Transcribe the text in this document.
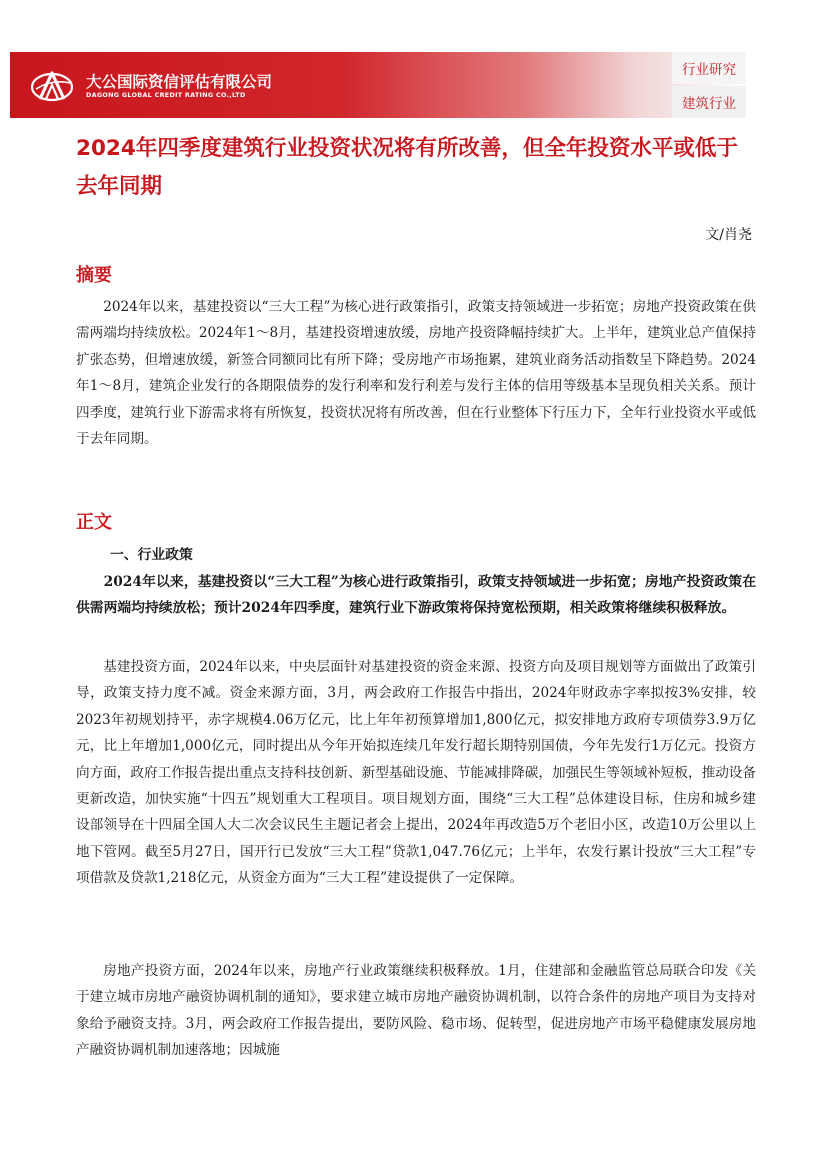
大公国际资信评估有限公司
DAGONG GLOBAL CREDIT RATING CO.,LTD
行业研究
建筑行业
2024年四季度建筑行业投资状况将有所改善，但全年投资水平或低于去年同期
文/肖尧
摘要

2024年以来，基建投资以“三大工程”为核心进行政策指引，政策支持领域进一步拓宽；房地产投资政策在供需两端均持续放松。2024年1～8月，基建投资增速放缓，房地产投资降幅持续扩大。上半年，建筑业总产值保持扩张态势，但增速放缓，新签合同额同比有所下降；受房地产市场拖累，建筑业商务活动指数呈下降趋势。2024年1～8月，建筑企业发行的各期限债券的发行利率和发行利差与发行主体的信用等级基本呈现负相关关系。预计四季度，建筑行业下游需求将有所恢复，投资状况将有所改善，但在行业整体下行压力下，全年行业投资水平或低于去年同期。

正文
一、行业政策

2024年以来，基建投资以“三大工程”为核心进行政策指引，政策支持领域进一步拓宽；房地产投资政策在供需两端均持续放松；预计2024年四季度，建筑行业下游政策将保持宽松预期，相关政策将继续积极释放。

基建投资方面，2024年以来，中央层面针对基建投资的资金来源、投资方向及项目规划等方面做出了政策引导，政策支持力度不减。资金来源方面，3月，两会政府工作报告中指出，2024年财政赤字率拟按3%安排，较2023年初规划持平，赤字规模4.06万亿元，比上年年初预算增加1,800亿元，拟安排地方政府专项债券3.9万亿元，比上年增加1,000亿元，同时提出从今年开始拟连续几年发行超长期特别国债，今年先发行1万亿元。投资方向方面，政府工作报告提出重点支持科技创新、新型基础设施、节能减排降碳，加强民生等领域补短板，推动设备更新改造，加快实施“十四五”规划重大工程项目。项目规划方面，围绕“三大工程”总体建设目标，住房和城乡建设部领导在十四届全国人大二次会议民生主题记者会上提出，2024年再改造5万个老旧小区，改造10万公里以上地下管网。截至5月27日，国开行已发放“三大工程”贷款1,047.76亿元；上半年，农发行累计投放“三大工程”专项借款及贷款1,218亿元，从资金方面为“三大工程”建设提供了一定保障。

房地产投资方面，2024年以来，房地产行业政策继续积极释放。1月，住建部和金融监管总局联合印发《关于建立城市房地产融资协调机制的通知》，要求建立城市房地产融资协调机制，以符合条件的房地产项目为支持对象给予融资支持。3月，两会政府工作报告提出，要防风险、稳市场、促转型，促进房地产市场平稳健康发展房地产融资协调机制加速落地；因城施
